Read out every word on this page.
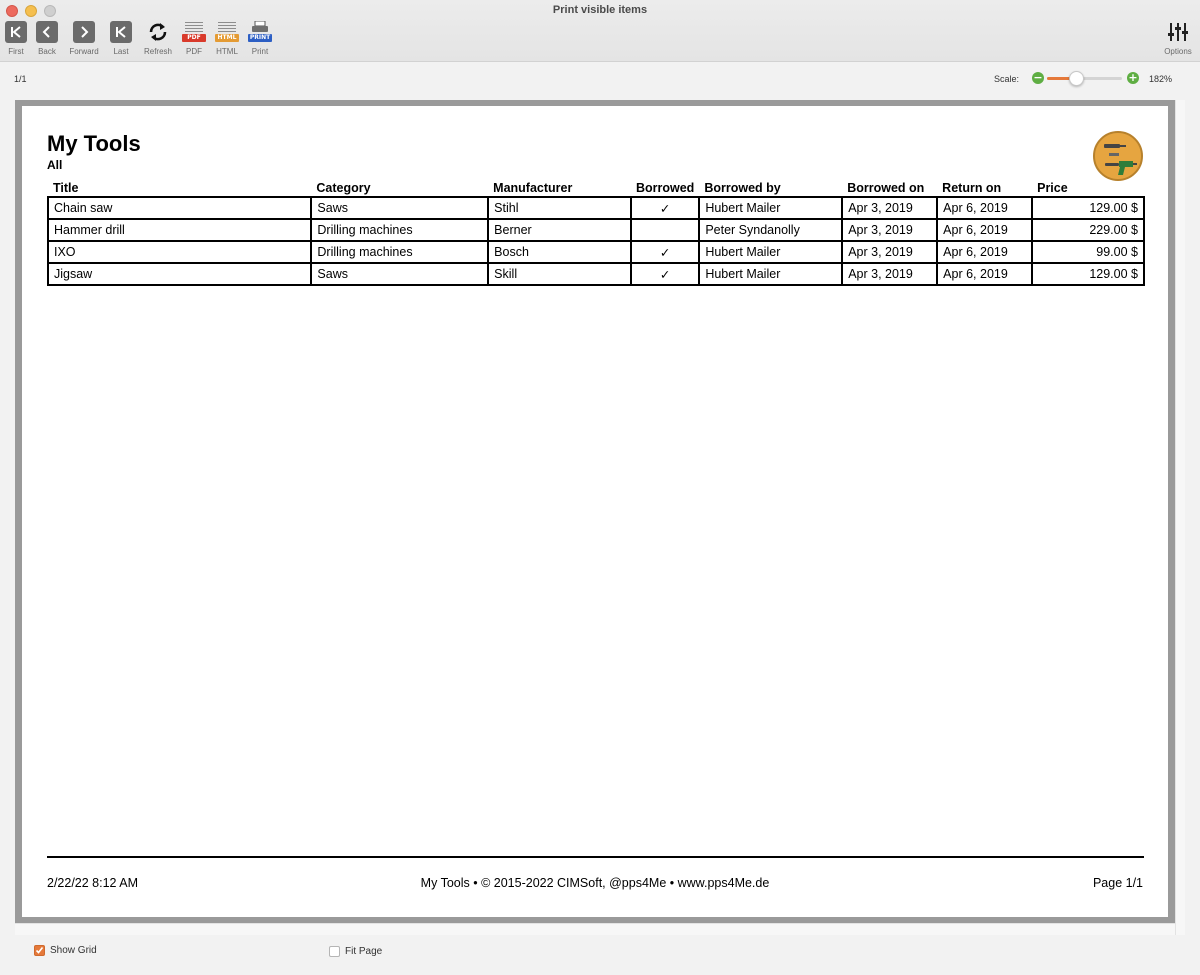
Print visible items
First	Back	Forward	Last	Refresh
PDF
PDF
HTML
HTML
PRINT
Print	Options
1/1	Scale: −	+ 182%
My Tools
All
Title	Category	Manufacturer	Borrowed	Borrowed by	Borrowed on	Return on	Price
Chain saw	Saws	Stihl	✓	Hubert Mailer	Apr 3, 2019	Apr 6, 2019	129.00 $
Hammer drill	Drilling machines	Berner		Peter Syndanolly	Apr 3, 2019	Apr 6, 2019	229.00 $
IXO	Drilling machines	Bosch	✓	Hubert Mailer	Apr 3, 2019	Apr 6, 2019	99.00 $
Jigsaw	Saws	Skill	✓	Hubert Mailer	Apr 3, 2019	Apr 6, 2019	129.00 $
2/22/22 8:12 AM	My Tools • © 2015-2022 CIMSoft, @pps4Me • www.pps4Me.de	Page 1/1
Show Grid	Fit Page
